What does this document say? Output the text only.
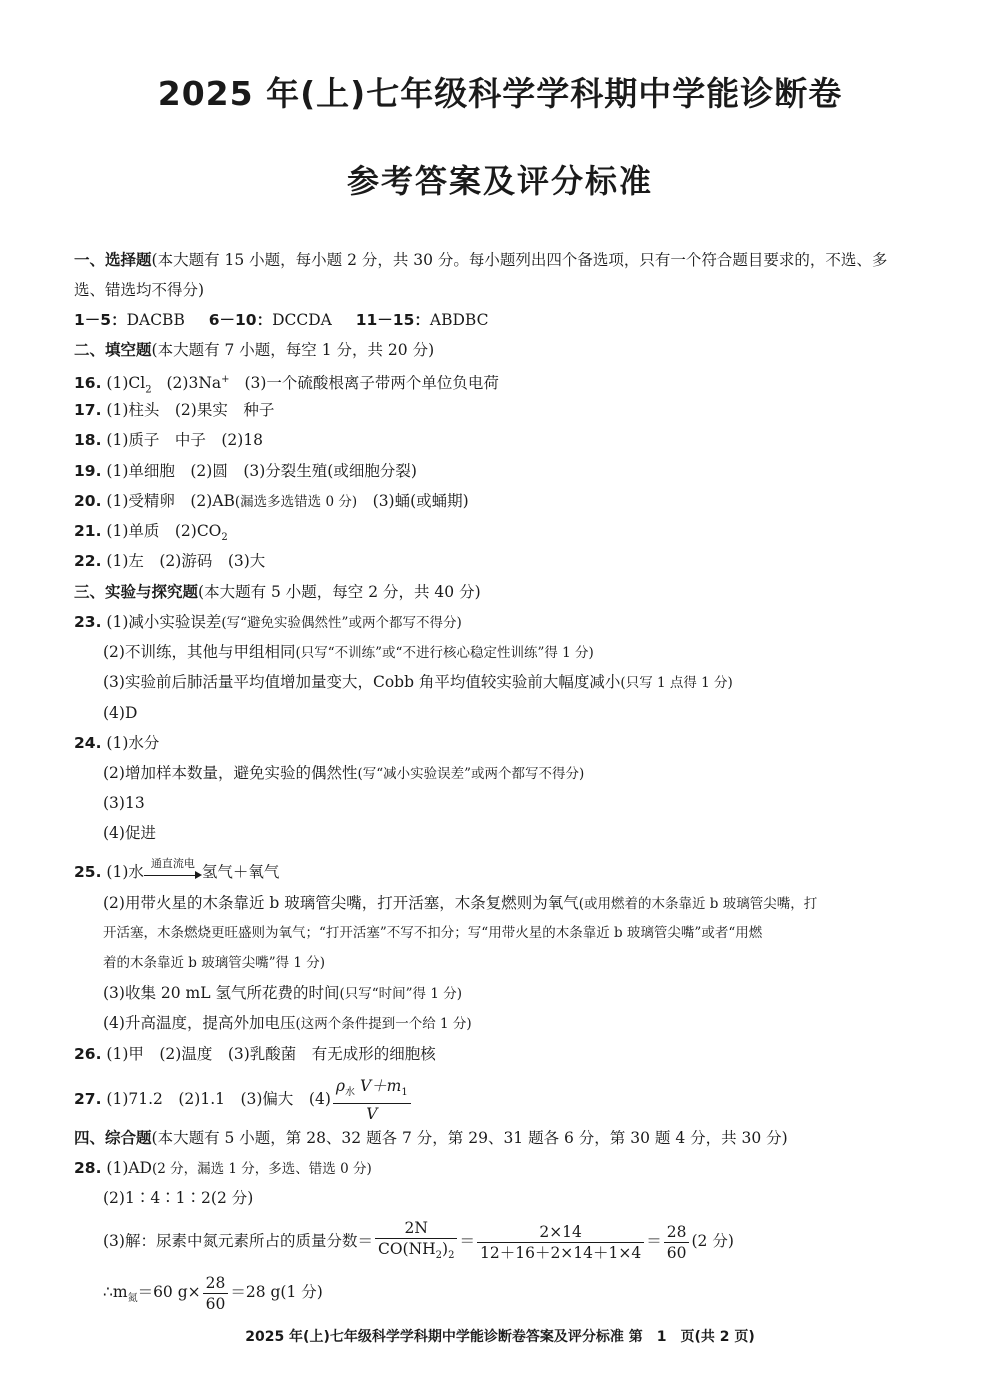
2025 年(上)七年级科学学科期中学能诊断卷
参考答案及评分标准
一、选择题(本大题有 15 小题，每小题 2 分，共 30 分。每小题列出四个备选项，只有一个符合题目要求的，不选、多
选、错选均不得分)
1－5：DACBB 6－10：DCCDA 11－15：ABDBC
二、填空题(本大题有 7 小题，每空 1 分，共 20 分)
16. $(1)Cl_2$ (2)3Na+ (3)一个硫酸根离子带两个单位负电荷
17. (1)柱头　(2)果实　种子
18. (1)质子　中子　(2)18
19. (1)单细胞　(2)圆　(3)分裂生殖(或细胞分裂)
20. (1)受精卵　(2)AB(漏选多选错选 0 分)　 (3)蛹(或蛹期)
21. (1)单质　$(2)CO_2$
22. (1)左　(2)游码　(3)大
三、实验与探究题(本大题有 5 小题，每空 2 分，共 40 分)
23. (1)减小实验误差(写“避免实验偶然性”或两个都写不得分)
(2)不训练，其他与甲组相同(只写“不训练”或“不进行核心稳定性训练”得 1 分)
(3)实验前后肺活量平均值增加量变大，Cobb 角平均值较实验前大幅度减小(只写 1 点得 1 分)
(4)D
24. (1)水分
(2)增加样本数量，避免实验的偶然性(写“减小实验误差”或两个都写不得分)
(3)13
(4)促进
25. (1)水 通直流电 氢气＋氧气
(2)用带火星的木条靠近 b 玻璃管尖嘴，打开活塞，木条复燃则为氧气(或用燃着的木条靠近 b 玻璃管尖嘴，打
开活塞，木条燃烧更旺盛则为氧气；“打开活塞”不写不扣分；写“用带火星的木条靠近 b 玻璃管尖嘴”或者“用燃
着的木条靠近 b 玻璃管尖嘴”得 1 分)
(3)收集 20 mL 氢气所花费的时间(只写“时间”得 1 分)
(4)升高温度，提高外加电压(这两个条件提到一个给 1 分)
26. (1)甲　(2)温度　(3)乳酸菌　有无成形的细胞核
27. (1)71.2　(2)1.1　(3)偏大　$(4) \frac{\rho_水 V+m_1}{V}$
四、综合题(本大题有 5 小题，第 28、32 题各 7 分，第 29、31 题各 6 分，第 30 题 4 分，共 30 分)
28. (1)AD(2 分，漏选 1 分，多选、错选 0 分)
(2)1∶4∶1∶2(2 分)
(3)解：尿素中氮元素所占的质量分数＝ $\frac{2N}{CO(NH_2)_2} = \frac{2\times 14}{12+16+2\times 14+1\times 4} = \frac{28}{60} (2$ 分)
$\therefore m_氮=60$ $g\times \frac{28}{60} =28$ g(1 分)
2025 年(上)七年级科学学科期中学能诊断卷答案及评分标准 第　1　页(共 2 页)
